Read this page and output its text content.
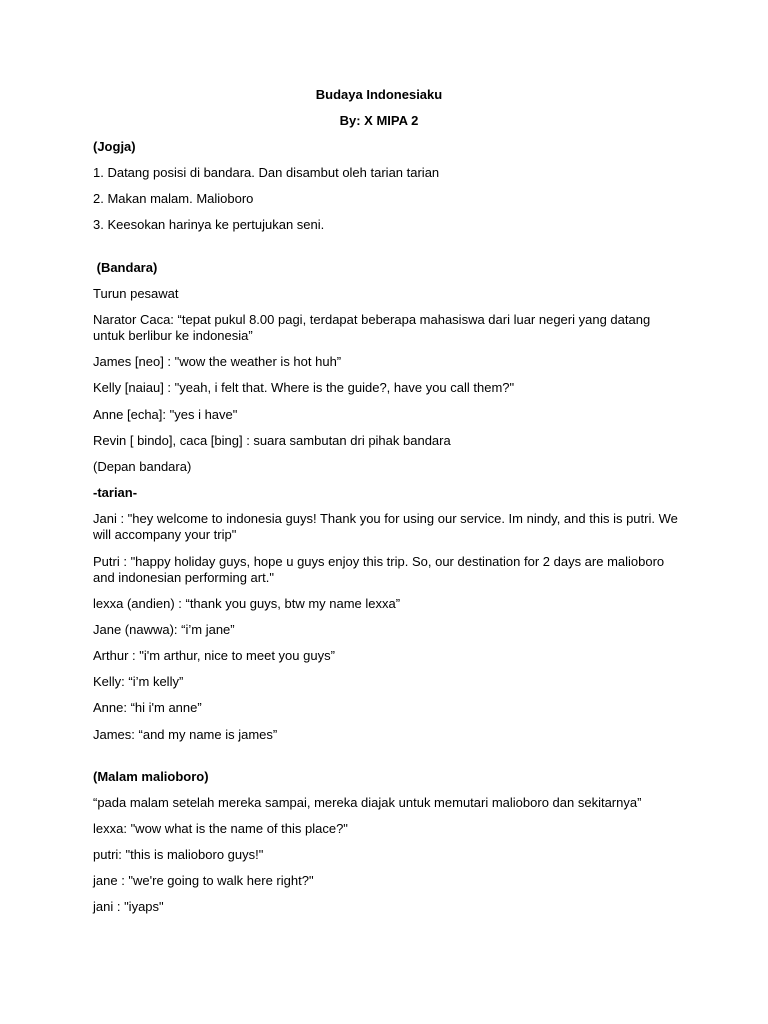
Budaya Indonesiaku

By: X MIPA 2

(Jogja)

1. Datang posisi di bandara. Dan disambut oleh tarian tarian

2. Makan malam. Malioboro

3. Keesokan harinya ke pertujukan seni.

(Bandara)

Turun pesawat

Narator Caca: “tepat pukul 8.00 pagi, terdapat beberapa mahasiswa dari luar negeri yang datang untuk berlibur ke indonesia”

James [neo] : "wow the weather is hot huh”

Kelly [naiau] : "yeah, i felt that. Where is the guide?, have you call them?"

Anne [echa]: "yes i have"

Revin [ bindo], caca [bing] : suara sambutan dri pihak bandara

(Depan bandara)

-tarian-

Jani : "hey welcome to indonesia guys! Thank you for using our service. Im nindy, and this is putri. We will accompany your trip"

Putri : "happy holiday guys, hope u guys enjoy this trip. So, our destination for 2 days are malioboro and indonesian performing art."

lexxa (andien) : “thank you guys, btw my name lexxa”

Jane (nawwa): “i’m jane”

Arthur : "i'm arthur, nice to meet you guys”

Kelly: “i’m kelly”

Anne: “hi i'm anne”

James: “and my name is james”

(Malam malioboro)

“pada malam setelah mereka sampai, mereka diajak untuk memutari malioboro dan sekitarnya”

lexxa: "wow what is the name of this place?"

putri: "this is malioboro guys!"

jane : "we're going to walk here right?"

jani : "iyaps"
